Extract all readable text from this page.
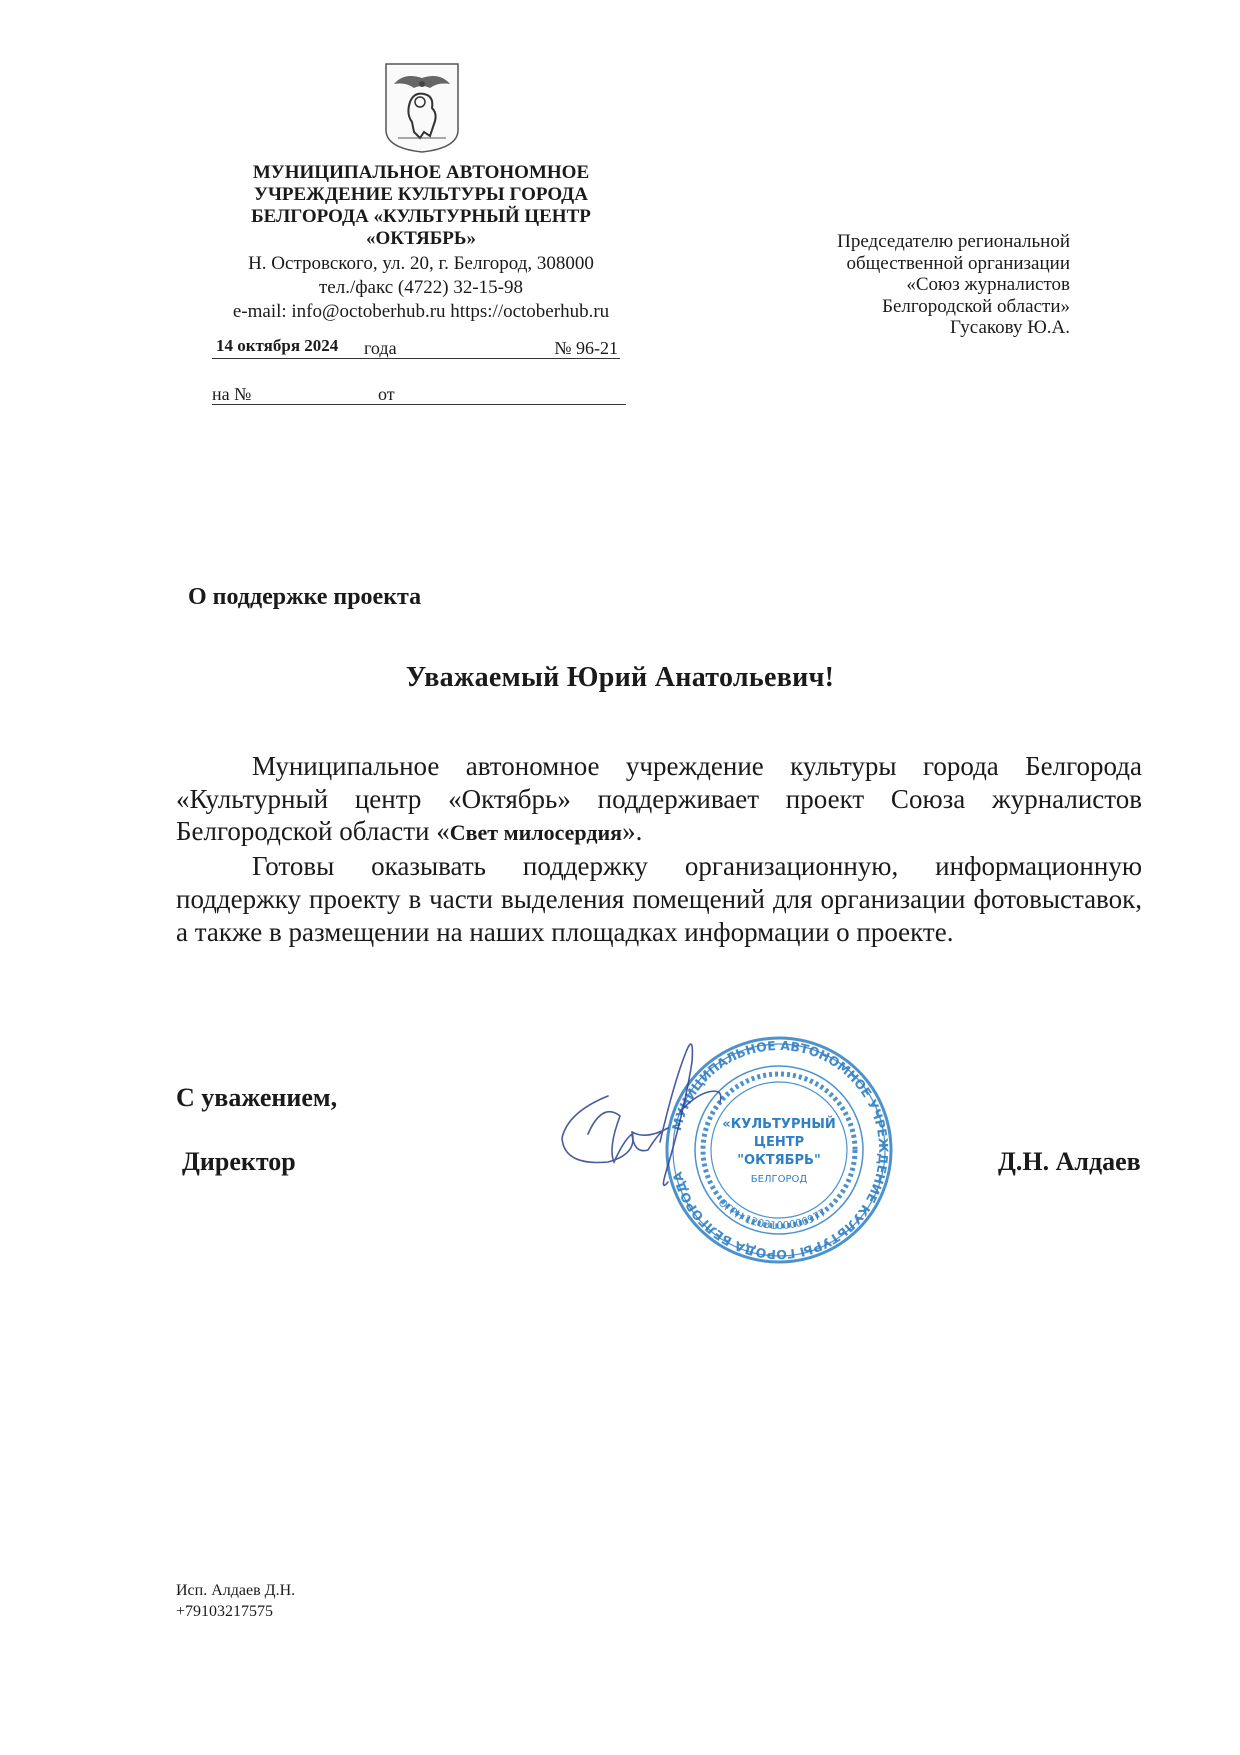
МУНИЦИПАЛЬНОЕ АВТОНОМНОЕ

УЧРЕЖДЕНИЕ КУЛЬТУРЫ ГОРОДА

БЕЛГОРОДА «КУЛЬТУРНЫЙ ЦЕНТР

«ОКТЯБРЬ»

Н. Островского, ул. 20, г. Белгород, 308000

тел./факс (4722) 32-15-98

e-mail: info@octoberhub.ru https://octoberhub.ru

14 октября 2024 года	№ 96-21
на №	от

Председателю региональной

общественной организации

«Союз журналистов

Белгородской области»

Гусакову Ю.А.

О поддержке проекта
Уважаемый Юрий Анатольевич!

Муниципальное автономное учреждение культуры города Белгорода «Культурный центр «Октябрь» поддерживает проект Союза журналистов Белгородской области «Свет милосердия».

Готовы оказывать поддержку организационную, информационную поддержку проекту в части выделения помещений для организации фотовыставок, а также в размещении на наших площадках информации о проекте.

С уважением,
Директор	Д.Н. Алдаев
МУНИЦИПАЛЬНОЕ АВТОНОМНОЕ УЧРЕЖДЕНИЕ КУЛЬТУРЫ ГОРОДА БЕЛГОРОДА
«КУЛЬТУРНЫЙ
ЦЕНТР
"ОКТЯБРЬ"
БЕЛГОРОД
ОГРН 1203100006977
Исп. Алдаев Д.Н.
+79103217575
